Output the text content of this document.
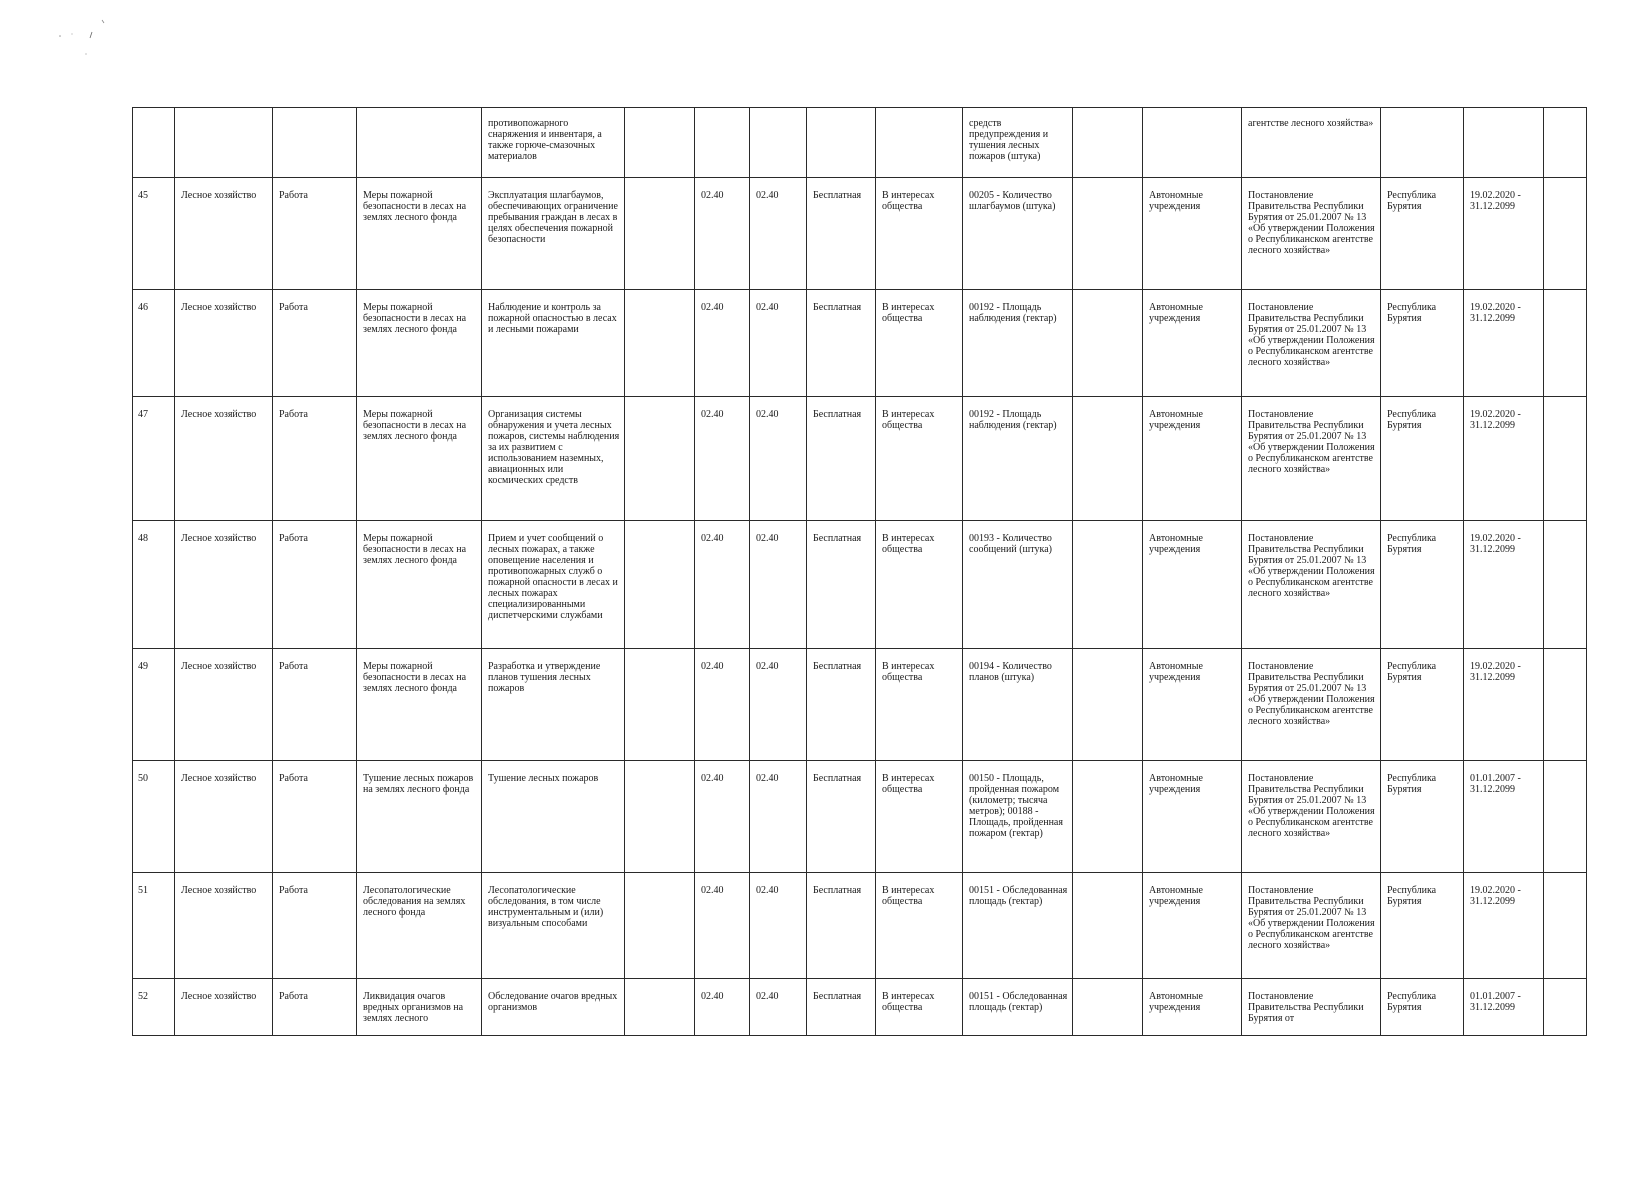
				противопожарного снаряжения и инвентаря, а также горюче-смазочных материалов						средств предупреждения и тушения лесных пожаров (штука)			агентстве лесного хозяйства»			
45	Лесное хозяйство	Работа	Меры пожарной безопасности в лесах на землях лесного фонда	Эксплуатация шлагбаумов, обеспечивающих ограничение пребывания граждан в лесах в целях обеспечения пожарной безопасности		02.40	02.40	Бесплатная	В интересах общества	00205 - Количество шлагбаумов (штука)		Автономные учреждения	Постановление Правительства Республики Бурятия от 25.01.2007 № 13 «Об утверждении Положения о Республиканском агентстве лесного хозяйства»	Республика Бурятия	19.02.2020 - 31.12.2099	
46	Лесное хозяйство	Работа	Меры пожарной безопасности в лесах на землях лесного фонда	Наблюдение и контроль за пожарной опасностью в лесах и лесными пожарами		02.40	02.40	Бесплатная	В интересах общества	00192 - Площадь наблюдения (гектар)		Автономные учреждения	Постановление Правительства Республики Бурятия от 25.01.2007 № 13 «Об утверждении Положения о Республиканском агентстве лесного хозяйства»	Республика Бурятия	19.02.2020 - 31.12.2099	
47	Лесное хозяйство	Работа	Меры пожарной безопасности в лесах на землях лесного фонда	Организация системы обнаружения и учета лесных пожаров, системы наблюдения за их развитием с использованием наземных, авиационных или космических средств		02.40	02.40	Бесплатная	В интересах общества	00192 - Площадь наблюдения (гектар)		Автономные учреждения	Постановление Правительства Республики Бурятия от 25.01.2007 № 13 «Об утверждении Положения о Республиканском агентстве лесного хозяйства»	Республика Бурятия	19.02.2020 - 31.12.2099	
48	Лесное хозяйство	Работа	Меры пожарной безопасности в лесах на землях лесного фонда	Прием и учет сообщений о лесных пожарах, а также оповещение населения и противопожарных служб о пожарной опасности в лесах и лесных пожарах специализированными диспетчерскими службами		02.40	02.40	Бесплатная	В интересах общества	00193 - Количество сообщений (штука)		Автономные учреждения	Постановление Правительства Республики Бурятия от 25.01.2007 № 13 «Об утверждении Положения о Республиканском агентстве лесного хозяйства»	Республика Бурятия	19.02.2020 - 31.12.2099	
49	Лесное хозяйство	Работа	Меры пожарной безопасности в лесах на землях лесного фонда	Разработка и утверждение планов тушения лесных пожаров		02.40	02.40	Бесплатная	В интересах общества	00194 - Количество планов (штука)		Автономные учреждения	Постановление Правительства Республики Бурятия от 25.01.2007 № 13 «Об утверждении Положения о Республиканском агентстве лесного хозяйства»	Республика Бурятия	19.02.2020 - 31.12.2099	
50	Лесное хозяйство	Работа	Тушение лесных пожаров на землях лесного фонда	Тушение лесных пожаров		02.40	02.40	Бесплатная	В интересах общества	00150 - Площадь, пройденная пожаром (километр; тысяча метров); 00188 - Площадь, пройденная пожаром (гектар)		Автономные учреждения	Постановление Правительства Республики Бурятия от 25.01.2007 № 13 «Об утверждении Положения о Республиканском агентстве лесного хозяйства»	Республика Бурятия	01.01.2007 - 31.12.2099	
51	Лесное хозяйство	Работа	Лесопатологические обследования на землях лесного фонда	Лесопатологические обследования, в том числе инструментальным и (или) визуальным способами		02.40	02.40	Бесплатная	В интересах общества	00151 - Обследованная площадь (гектар)		Автономные учреждения	Постановление Правительства Республики Бурятия от 25.01.2007 № 13 «Об утверждении Положения о Республиканском агентстве лесного хозяйства»	Республика Бурятия	19.02.2020 - 31.12.2099	
52	Лесное хозяйство	Работа	Ликвидация очагов вредных организмов на землях лесного	Обследование очагов вредных организмов		02.40	02.40	Бесплатная	В интересах общества	00151 - Обследованная площадь (гектар)		Автономные учреждения	Постановление Правительства Республики Бурятия от	Республика Бурятия	01.01.2007 - 31.12.2099	
